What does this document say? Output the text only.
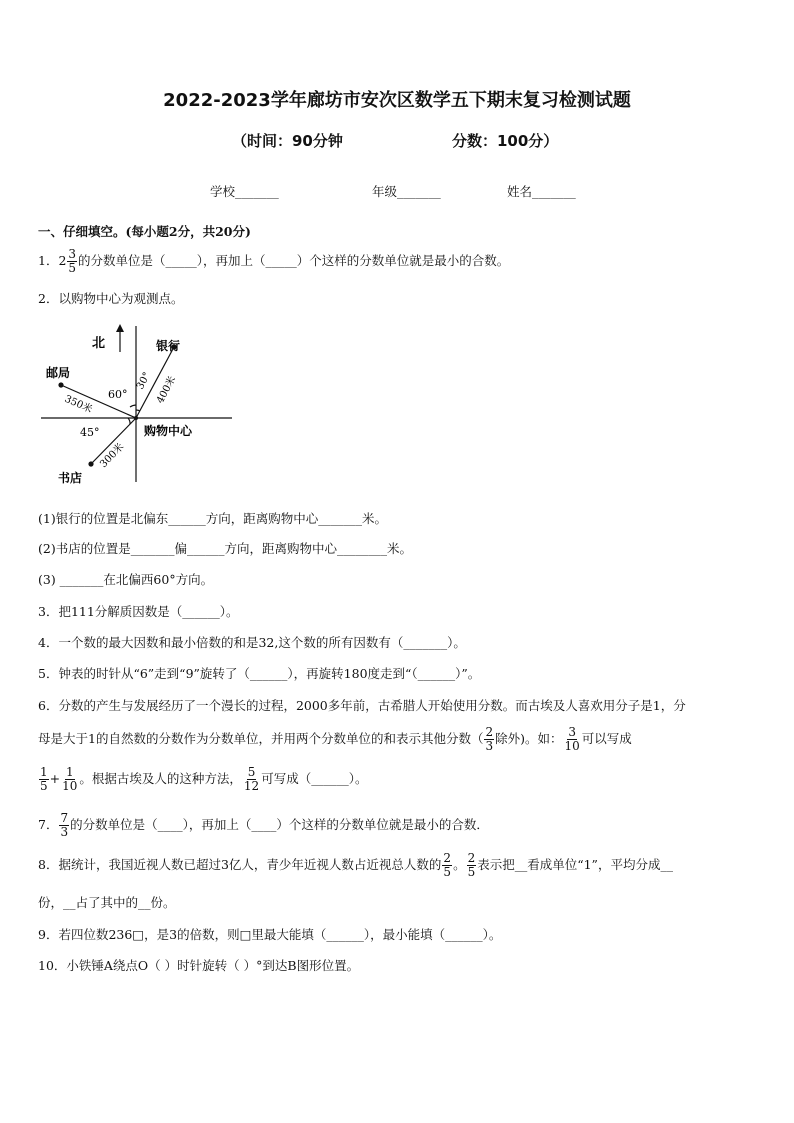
2022-2023学年廊坊市安次区数学五下期末复习检测试题
（时间：90分钟	分数：100分）
学校_______	年级_______	姓名_______
一、仔细填空。(每小题2分，共20分)
1．$2 \frac{3}{5}$ 的分数单位是（_____），再加上（_____）个这样的分数单位就是最小的合数。
2．以购物中心为观测点。
北	银行
邮局
书店
购物中心
60°
30°
45°
400米
350米
300米
(1)银行的位置是北偏东______方向，距离购物中心_______米。
(2)书店的位置是_______偏______方向，距离购物中心________米。
(3) _______在北偏西60°方向。
3．把111分解质因数是（______）。
4．一个数的最大因数和最小倍数的和是32,这个数的所有因数有（_______）。
5．钟表的时针从“6”走到“9”旋转了（______），再旋转180度走到“（______）”。
6．分数的产生与发展经历了一个漫长的过程，2000多年前，古希腊人开始使用分数。而古埃及人喜欢用分子是1，分
母是大于1的自然数的分数作为分数单位，并用两个分数单位的和表示其他分数（ $\frac{2}{3}$ 除外)。如： $\frac{3}{10}$ 可以写成
$\frac{1}{5} + \frac{1}{10}$ 。根据古埃及人的这种方法， $\frac{5}{12}$ 可写成（______）。
7． $\frac{7}{3}$ 的分数单位是（____），再加上（____）个这样的分数单位就是最小的合数．
8．据统计，我国近视人数已超过3亿人，青少年近视人数占近视总人数的 $\frac{2}{5}$ 。 $\frac{2}{5}$ 表示把__看成单位“1”，平均分成__
份，__占了其中的__份。
9．若四位数236□，是3的倍数，则□里最大能填（______），最小能填（______）。
10．小铁锤A绕点O（ ）时针旋转（ ）°到达B图形位置。
